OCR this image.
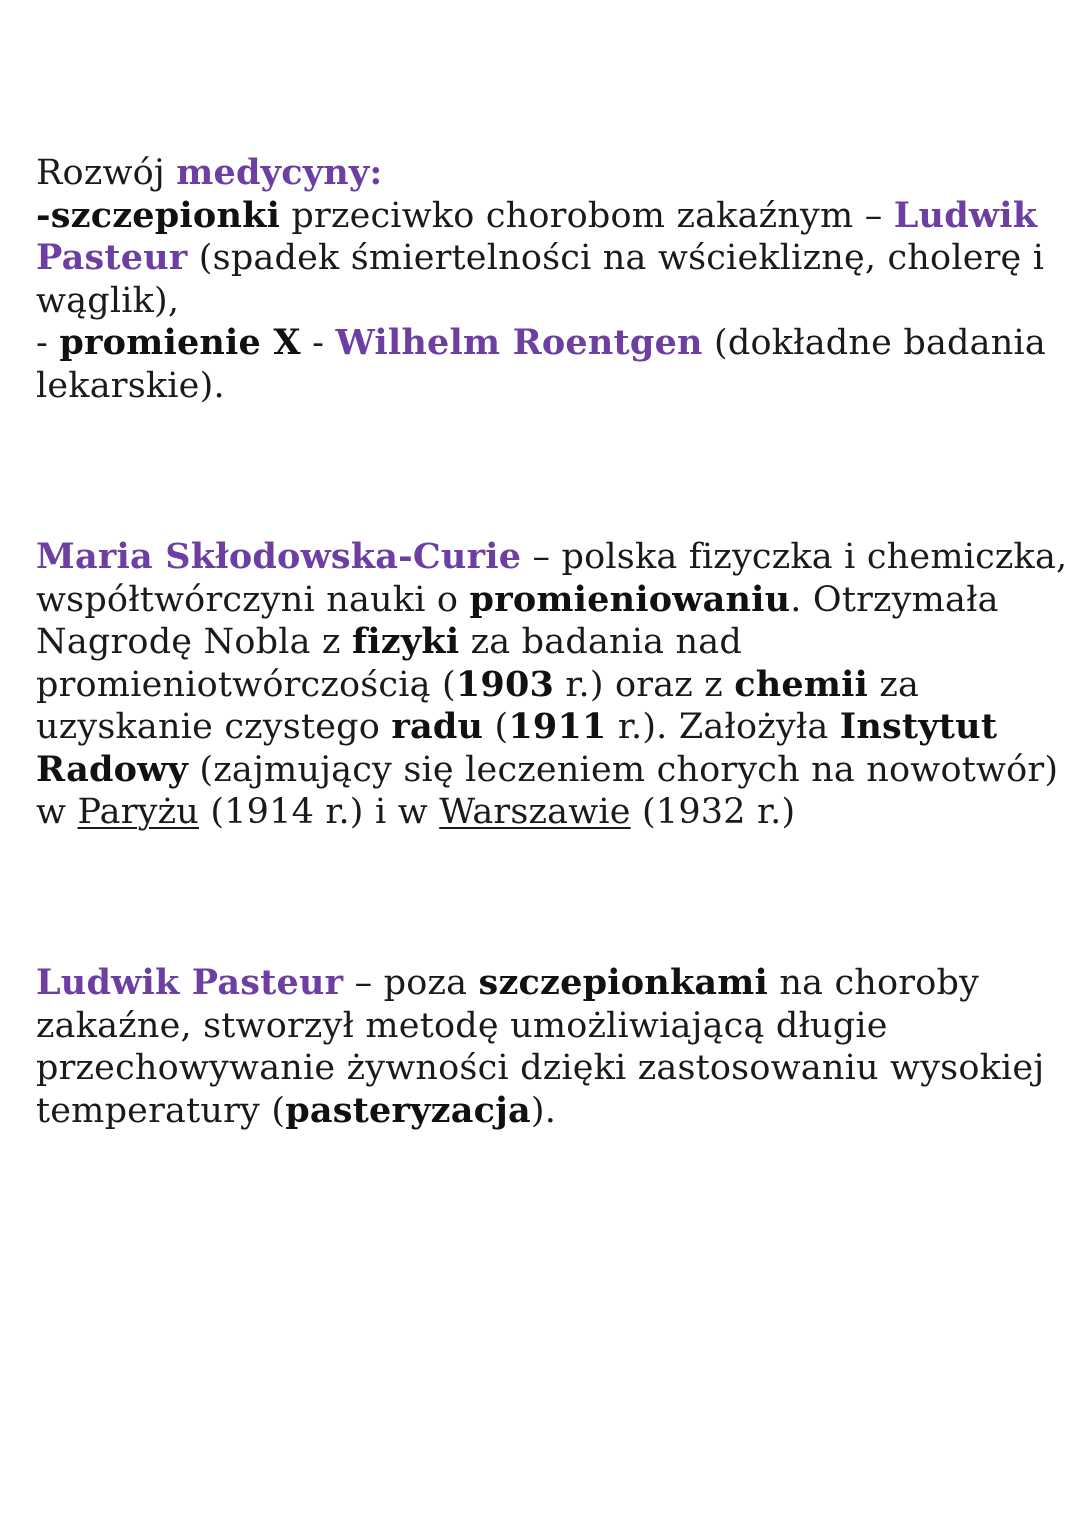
Rozwój medycyny:
-szczepionki przeciwko chorobom zakaźnym – Ludwik
Pasteur (spadek śmiertelności na wściekliznę, cholerę i
wąglik),
- promienie X - Wilhelm Roentgen (dokładne badania
lekarskie).
Maria Skłodowska-Curie – polska fizyczka i chemiczka,
współtwórczyni nauki o promieniowaniu. Otrzymała
Nagrodę Nobla z fizyki za badania nad
promieniotwórczością (1903 r.) oraz z chemii za
uzyskanie czystego radu (1911 r.). Założyła Instytut
Radowy (zajmujący się leczeniem chorych na nowotwór)
w Paryżu (1914 r.) i w Warszawie (1932 r.)
Ludwik Pasteur – poza szczepionkami na choroby
zakaźne, stworzył metodę umożliwiającą długie
przechowywanie żywności dzięki zastosowaniu wysokiej
temperatury (pasteryzacja).
